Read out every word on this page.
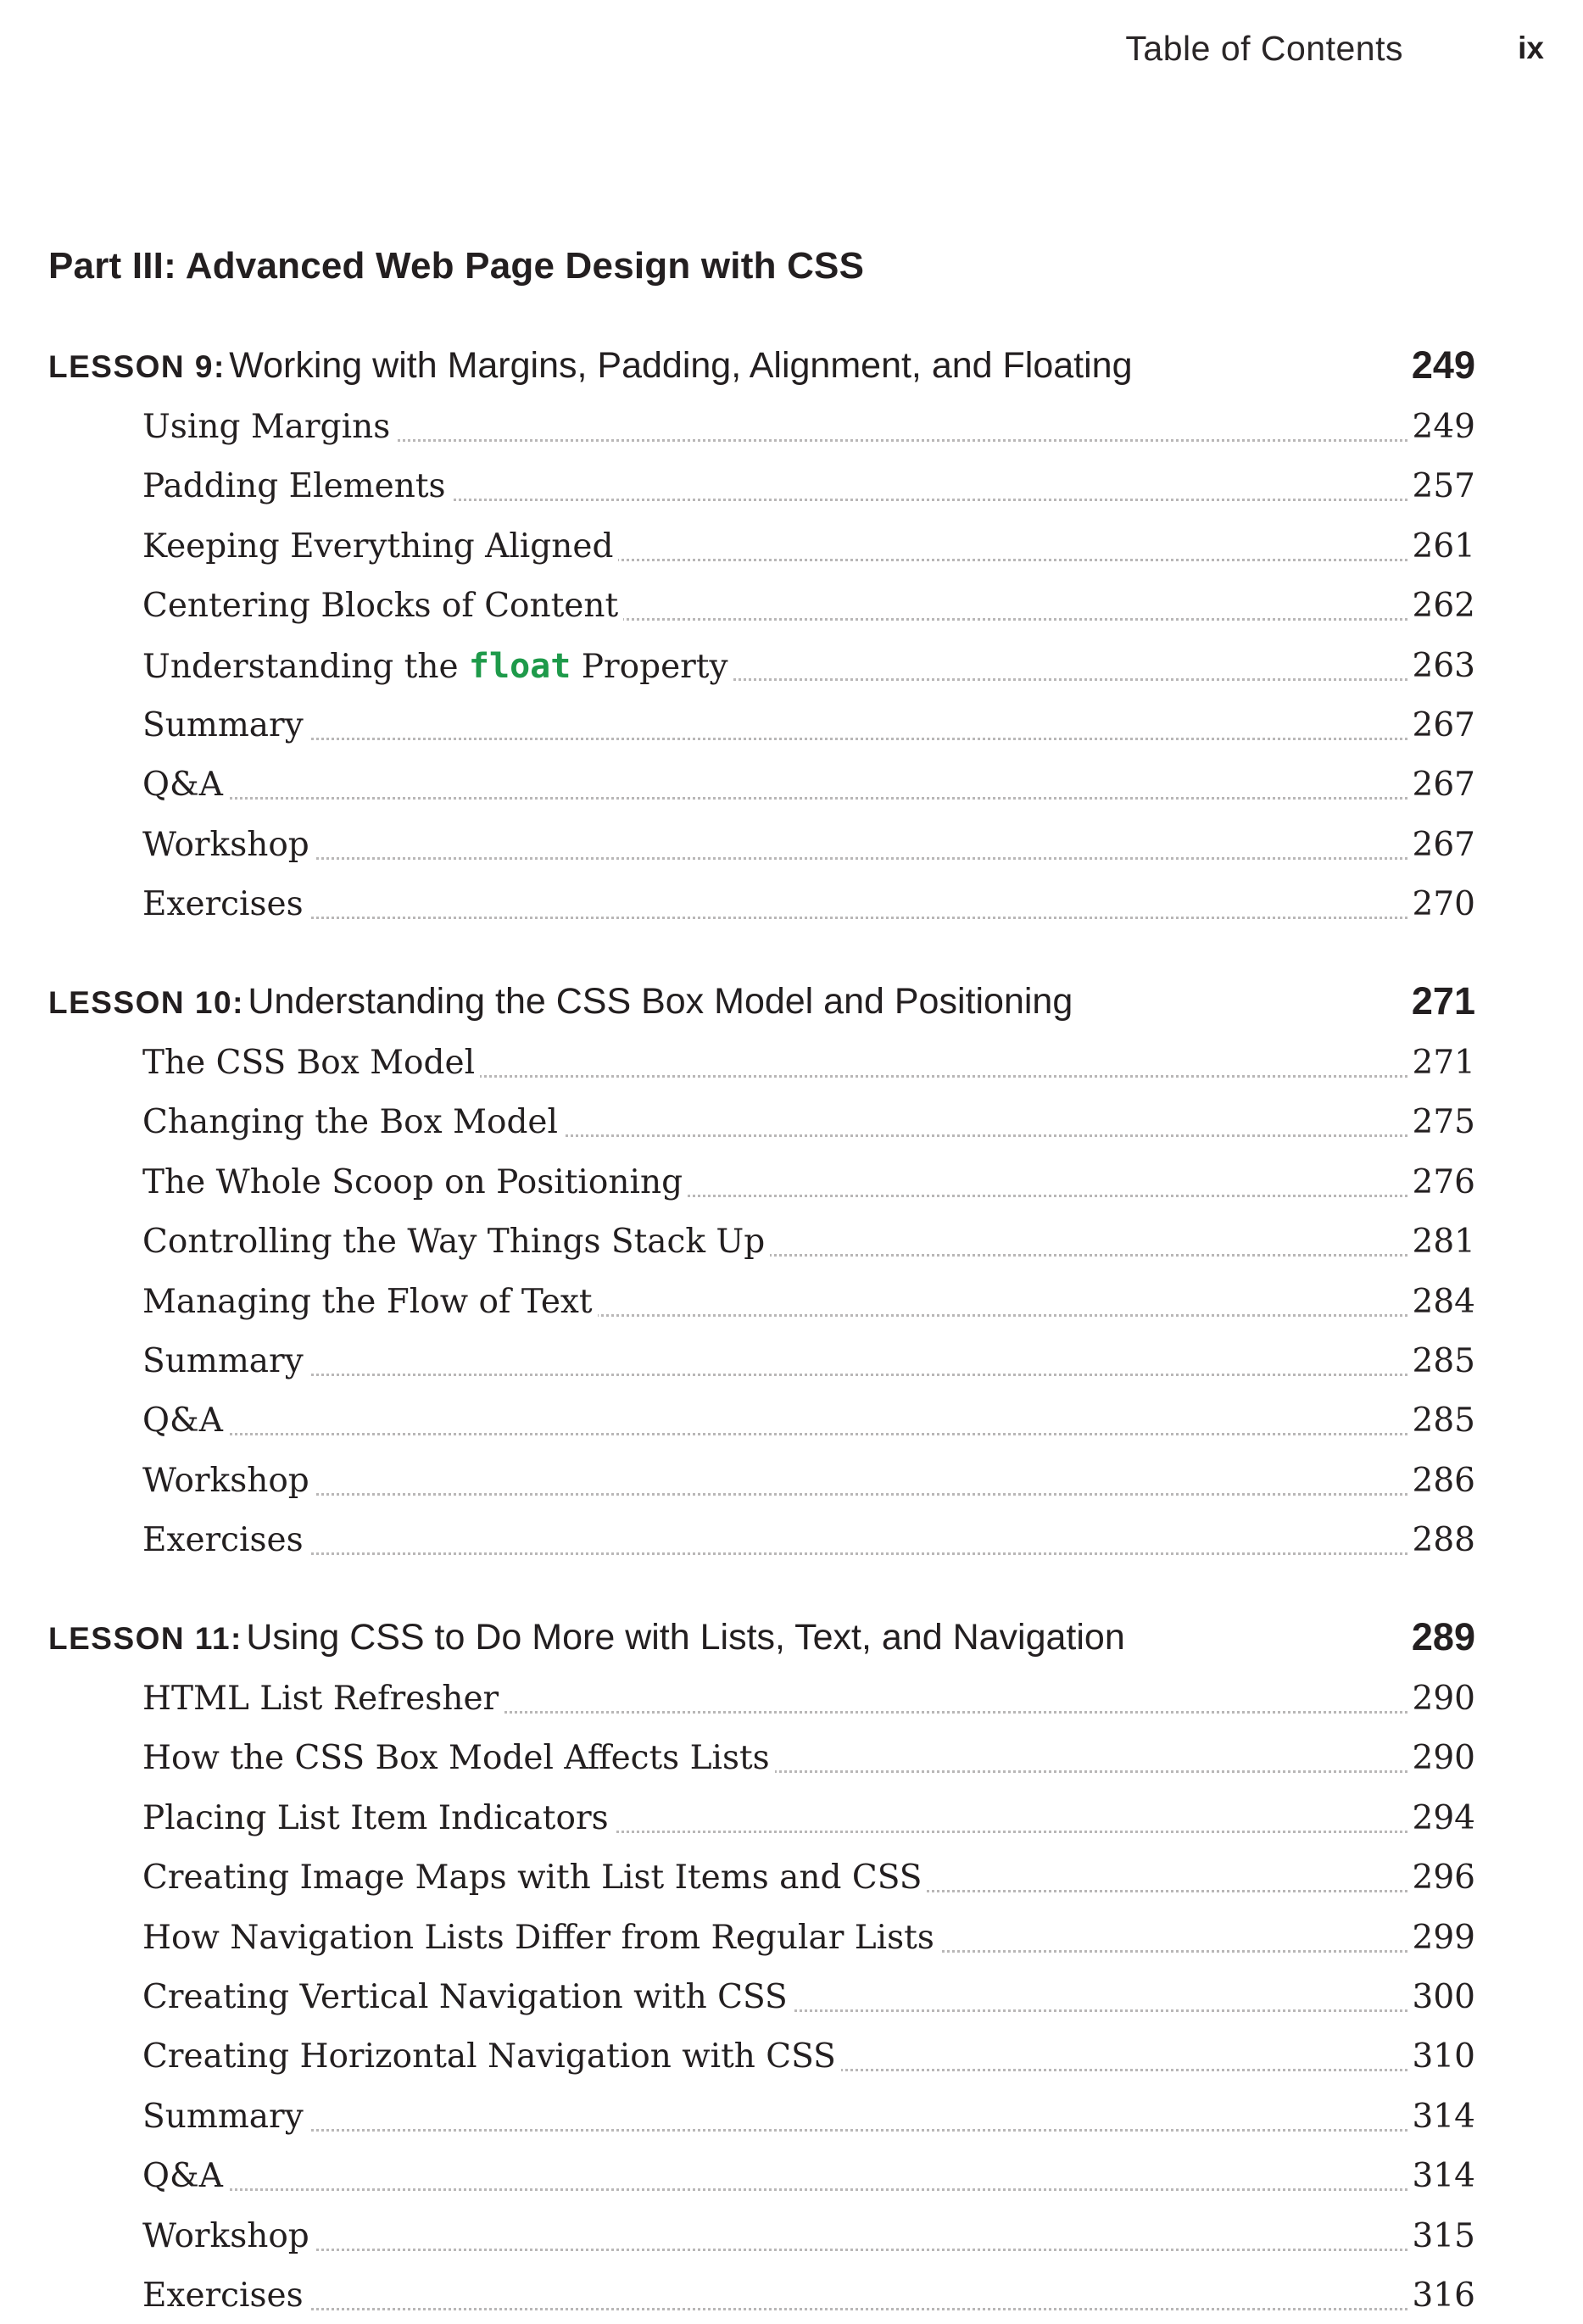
Table of Contents	ix
Part III: Advanced Web Page Design with CSS
LESSON 9: Working with Margins, Padding, Alignment, and Floating	249
Using Margins	249
Padding Elements	257
Keeping Everything Aligned	261
Centering Blocks of Content	262
Understanding the float Property	263
Summary	267
Q&A	267
Workshop	267
Exercises	270
LESSON 10: Understanding the CSS Box Model and Positioning	271
The CSS Box Model	271
Changing the Box Model	275
The Whole Scoop on Positioning	276
Controlling the Way Things Stack Up	281
Managing the Flow of Text	284
Summary	285
Q&A	285
Workshop	286
Exercises	288
LESSON 11: Using CSS to Do More with Lists, Text, and Navigation	289
HTML List Refresher	290
How the CSS Box Model Affects Lists	290
Placing List Item Indicators	294
Creating Image Maps with List Items and CSS	296
How Navigation Lists Differ from Regular Lists	299
Creating Vertical Navigation with CSS	300
Creating Horizontal Navigation with CSS	310
Summary	314
Q&A	314
Workshop	315
Exercises	316
